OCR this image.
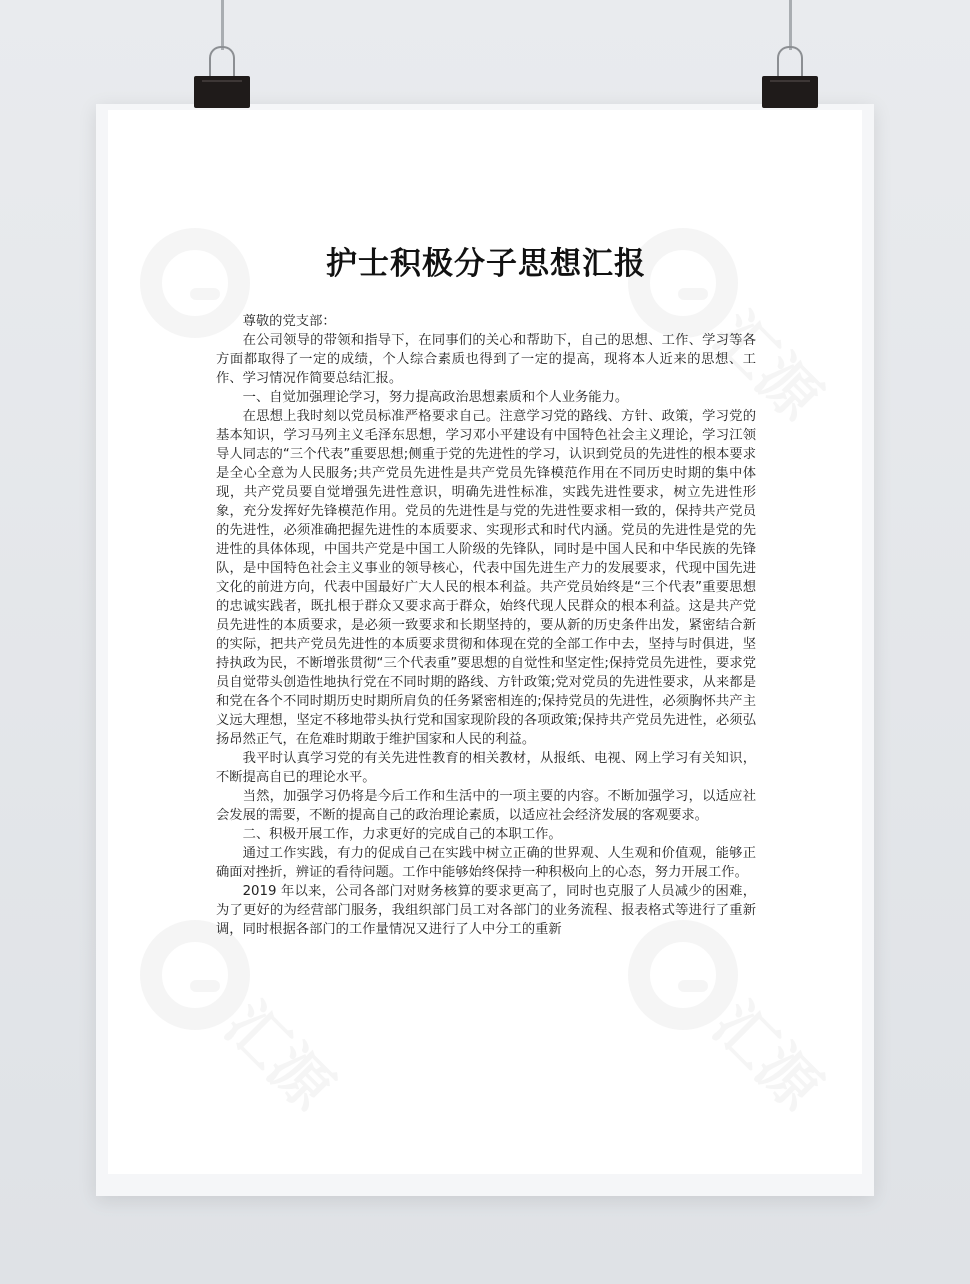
护士积极分子思想汇报

尊敬的党支部：

在公司领导的带领和指导下，在同事们的关心和帮助下，自己的思想、工作、学习等各方面都取得了一定的成绩，个人综合素质也得到了一定的提高，现将本人近来的思想、工作、学习情况作简要总结汇报。

一、自觉加强理论学习，努力提高政治思想素质和个人业务能力。

在思想上我时刻以党员标准严格要求自己。注意学习党的路线、方针、政策，学习党的基本知识，学习马列主义毛泽东思想，学习邓小平建设有中国特色社会主义理论，学习江领导人同志的“三个代表”重要思想;侧重于党的先进性的学习，认识到党员的先进性的根本要求是全心全意为人民服务;共产党员先进性是共产党员先锋模范作用在不同历史时期的集中体现，共产党员要自觉增强先进性意识，明确先进性标准，实践先进性要求，树立先进性形象，充分发挥好先锋模范作用。党员的先进性是与党的先进性要求相一致的，保持共产党员的先进性，必须准确把握先进性的本质要求、实现形式和时代内涵。党员的先进性是党的先进性的具体体现，中国共产党是中国工人阶级的先锋队，同时是中国人民和中华民族的先锋队，是中国特色社会主义事业的领导核心，代表中国先进生产力的发展要求，代现中国先进文化的前进方向，代表中国最好广大人民的根本利益。共产党员始终是“三个代表”重要思想的忠诚实践者，既扎根于群众又要求高于群众，始终代现人民群众的根本利益。这是共产党员先进性的本质要求，是必须一致要求和长期坚持的，要从新的历史条件出发，紧密结合新的实际，把共产党员先进性的本质要求贯彻和体现在党的全部工作中去，坚持与时俱进，坚持执政为民，不断增张贯彻“三个代表重”要思想的自觉性和坚定性;保持党员先进性，要求党员自觉带头创造性地执行党在不同时期的路线、方针政策;党对党员的先进性要求，从来都是和党在各个不同时期历史时期所肩负的任务紧密相连的;保持党员的先进性，必须胸怀共产主义远大理想，坚定不移地带头执行党和国家现阶段的各项政策;保持共产党员先进性，必须弘扬昂然正气，在危难时期敢于维护国家和人民的利益。

我平时认真学习党的有关先进性教育的相关教材，从报纸、电视、网上学习有关知识，不断提高自已的理论水平。

当然，加强学习仍将是今后工作和生活中的一项主要的内容。不断加强学习，以适应社会发展的需要，不断的提高自己的政治理论素质，以适应社会经济发展的客观要求。

二、积极开展工作，力求更好的完成自己的本职工作。

通过工作实践，有力的促成自己在实践中树立正确的世界观、人生观和价值观，能够正确面对挫折，辨证的看待问题。工作中能够始终保持一种积极向上的心态，努力开展工作。

2019 年以来，公司各部门对财务核算的要求更高了，同时也克服了人员减少的困难，为了更好的为经营部门服务，我组织部门员工对各部门的业务流程、报表格式等进行了重新调，同时根据各部门的工作量情况又进行了人中分工的重新
